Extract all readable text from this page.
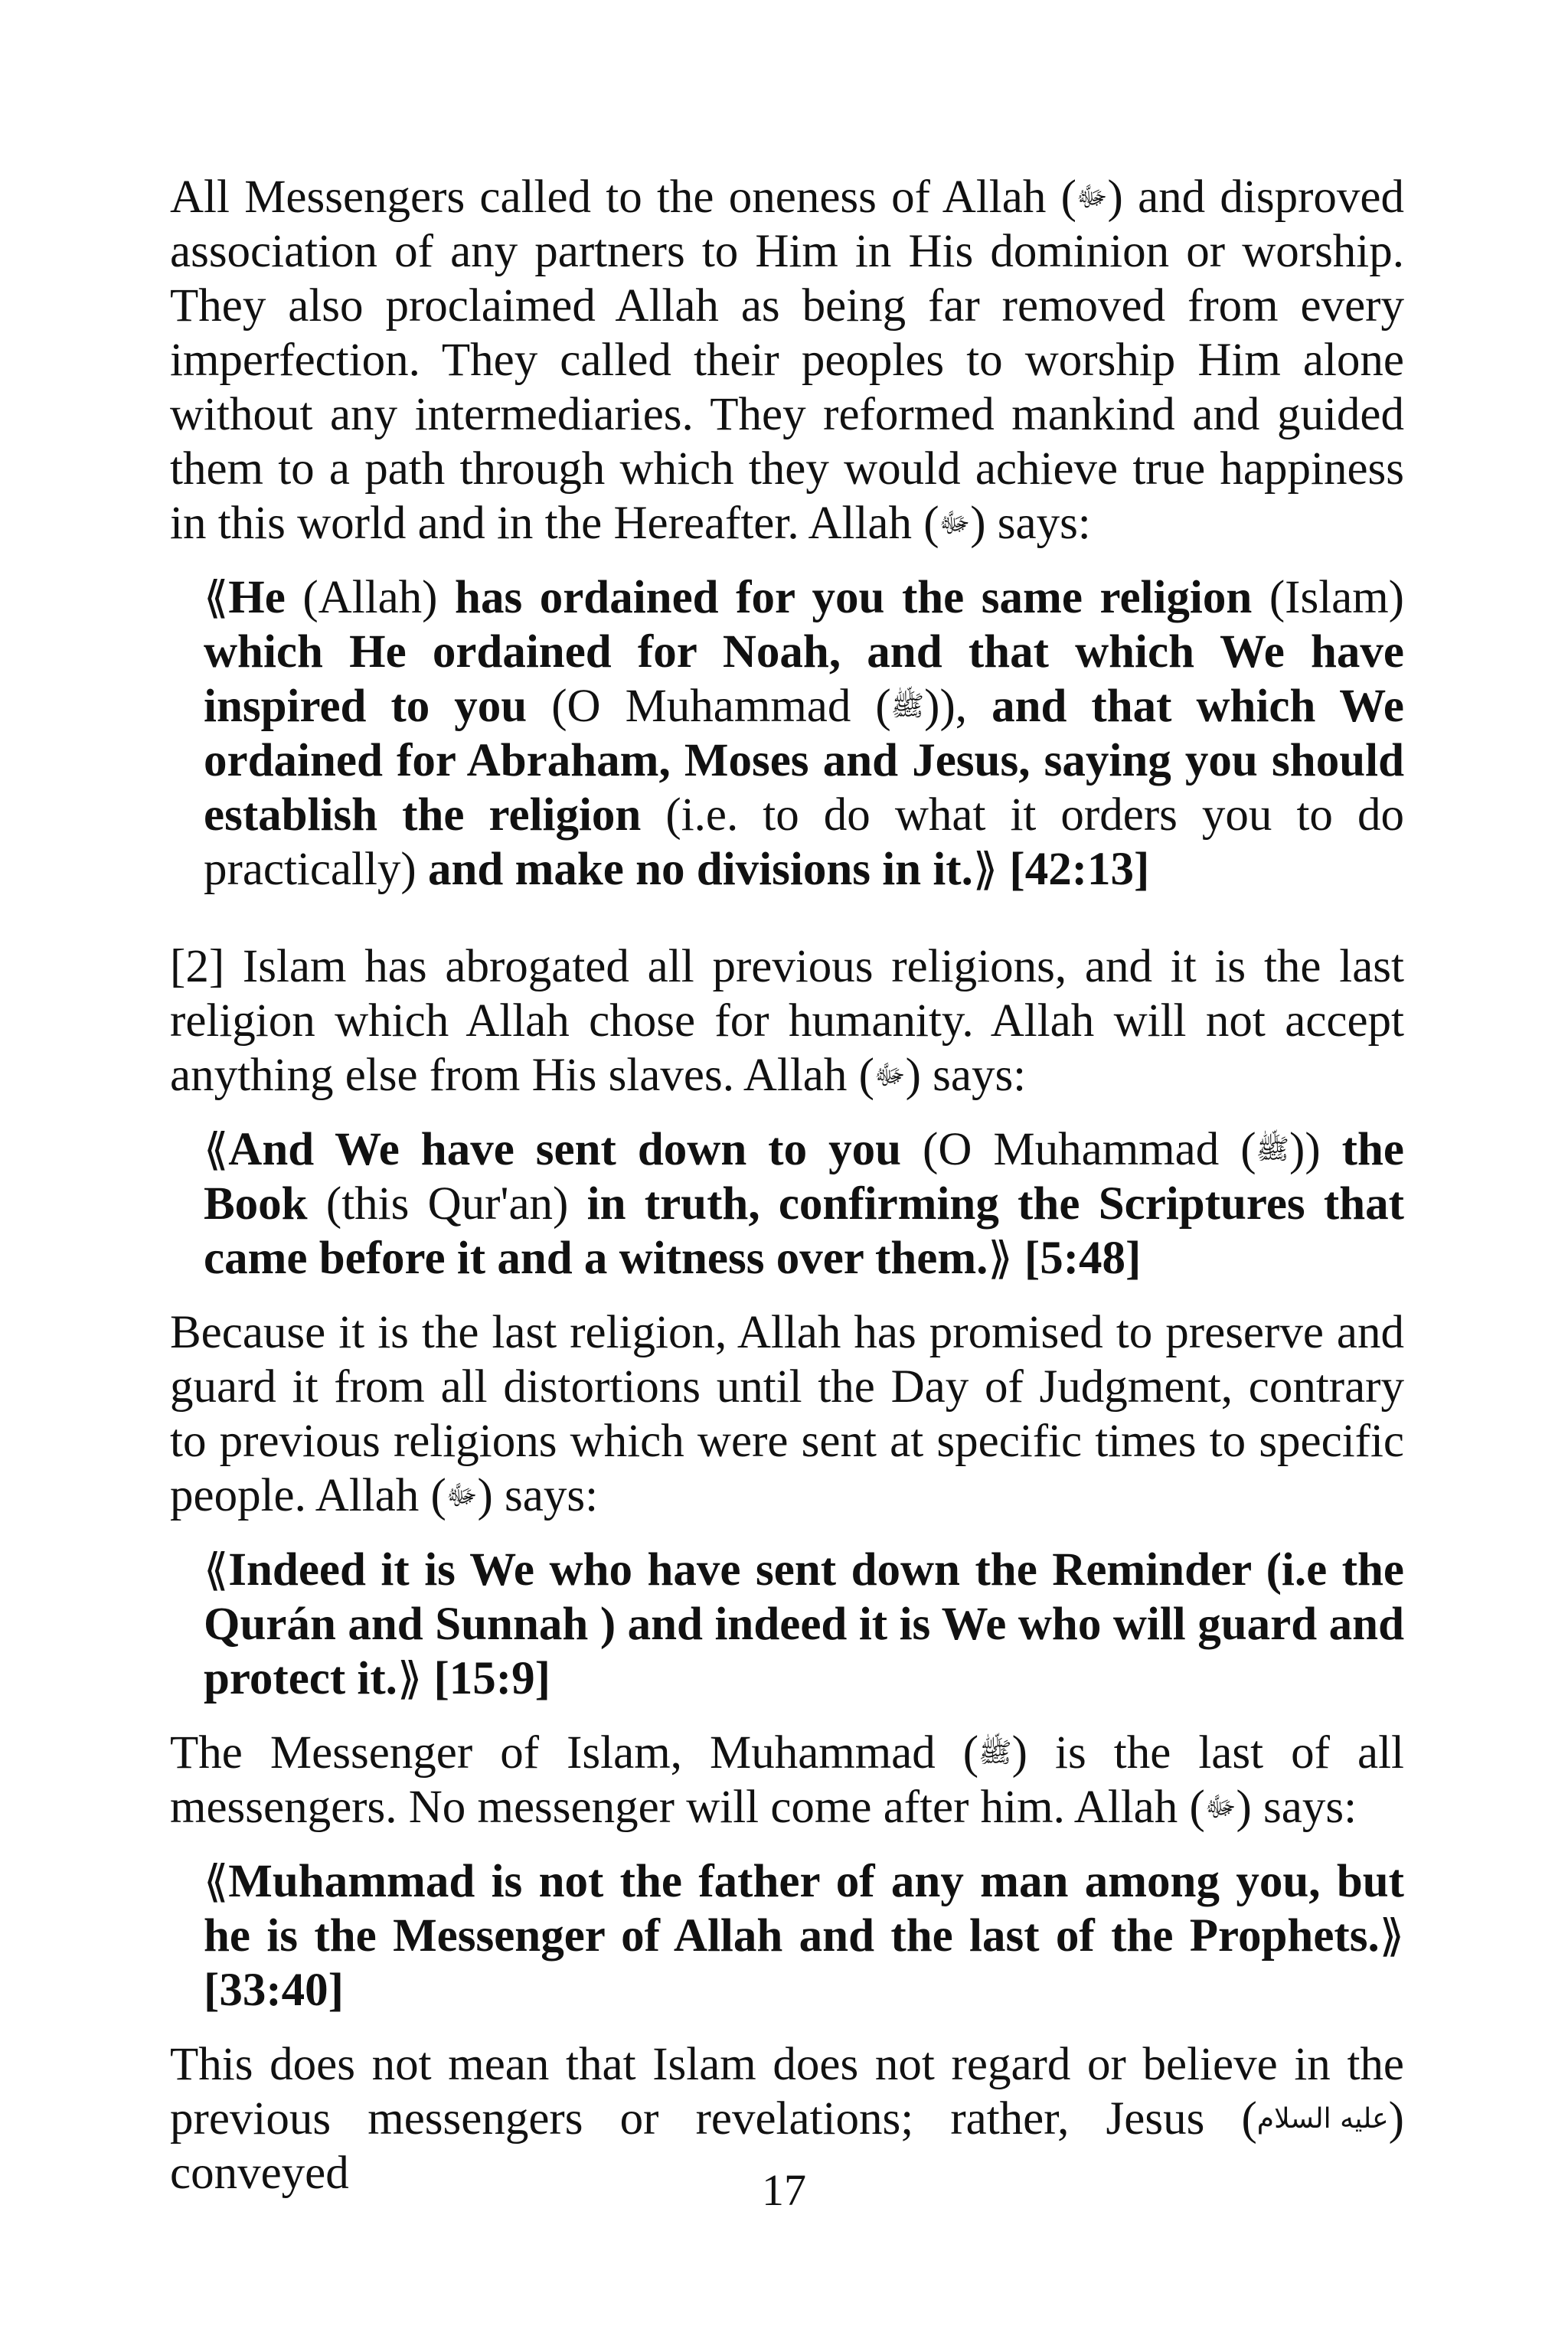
All Messengers called to the oneness of Allah (ﷻ) and disproved association of any partners to Him in His dominion or worship. They also proclaimed Allah as being far removed from every imperfection. They called their peoples to worship Him alone without any intermediaries. They reformed mankind and guided them to a path through which they would achieve true happiness in this world and in the Hereafter. Allah (ﷻ) says:

⟪He (Allah) has ordained for you the same religion (Islam) which He ordained for Noah, and that which We have inspired to you (O Muhammad (ﷺ)), and that which We ordained for Abraham, Moses and Jesus, saying you should establish the religion (i.e. to do what it orders you to do practically) and make no divisions in it.⟫ [42:13]

[2] Islam has abrogated all previous religions, and it is the last religion which Allah chose for humanity. Allah will not accept anything else from His slaves. Allah (ﷻ) says:

⟪And We have sent down to you (O Muhammad (ﷺ)) the Book (this Qur'an) in truth, confirming the Scriptures that came before it and a witness over them.⟫ [5:48]

Because it is the last religion, Allah has promised to preserve and guard it from all distortions until the Day of Judgment, contrary to previous religions which were sent at specific times to specific people. Allah (ﷻ) says:

⟪Indeed it is We who have sent down the Reminder (i.e the Qurán and Sunnah ) and indeed it is We who will guard and protect it.⟫ [15:9]

The Messenger of Islam, Muhammad (ﷺ) is the last of all messengers. No messenger will come after him. Allah (ﷻ) says:

⟪Muhammad is not the father of any man among you, but he is the Messenger of Allah and the last of the Prophets.⟫ [33:40]

This does not mean that Islam does not regard or believe in the previous messengers or revelations; rather, Jesus (عليه السلام) conveyed	17
